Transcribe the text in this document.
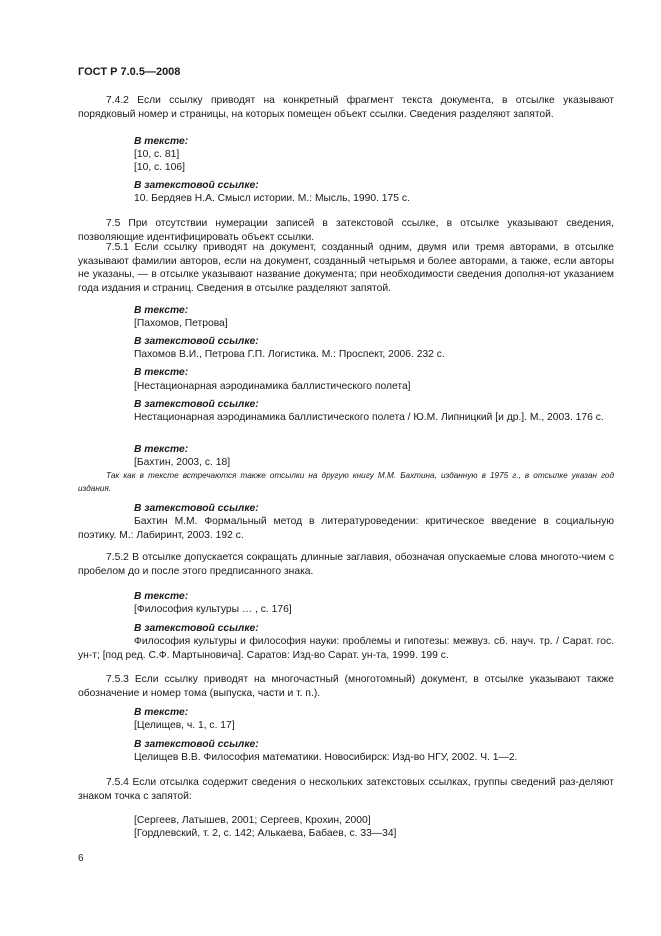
ГОСТ Р 7.0.5—2008

7.4.2 Если ссылку приводят на конкретный фрагмент текста документа, в отсылке указывают порядковый номер и страницы, на которых помещен объект ссылки. Сведения разделяют запятой.

В тексте:
[10, с. 81]
[10, с. 106]
В затекстовой ссылке:
10. Бердяев Н.А. Смысл истории. М.: Мысль, 1990. 175 с.

7.5 При отсутствии нумерации записей в затекстовой ссылке, в отсылке указывают сведения, позволяющие идентифицировать объект ссылки.

7.5.1 Если ссылку приводят на документ, созданный одним, двумя или тремя авторами, в отсылке указывают фамилии авторов, если на документ, созданный четырьмя и более авторами, а также, если авторы не указаны, — в отсылке указывают название документа; при необходимости сведения дополня-ют указанием года издания и страниц. Сведения в отсылке разделяют запятой.

В тексте:
[Пахомов, Петрова]
В затекстовой ссылке:
Пахомов В.И., Петрова Г.П. Логистика. М.: Проспект, 2006. 232 с.
В тексте:
[Нестационарная аэродинамика баллистического полета]
В затекстовой ссылке:

Нестационарная аэродинамика баллистического полета / Ю.М. Липницкий [и др.]. М., 2003. 176 с.

В тексте:
[Бахтин, 2003, с. 18]

Так как в тексте встречаются также отсылки на другую книгу М.М. Бахтина, изданную в 1975 г., в отсылке указан год издания.

В затекстовой ссылке:

Бахтин М.М. Формальный метод в литературоведении: критическое введение в социальную поэтику. М.: Лабиринт, 2003. 192 с.

7.5.2 В отсылке допускается сокращать длинные заглавия, обозначая опускаемые слова многото-чием с пробелом до и после этого предписанного знака.

В тексте:
[Философия культуры … , с. 176]
В затекстовой ссылке:

Философия культуры и философия науки: проблемы и гипотезы: межвуз. сб. науч. тр. / Сарат. гос. ун-т; [под ред. С.Ф. Мартыновича]. Саратов: Изд-во Сарат. ун-та, 1999. 199 с.

7.5.3 Если ссылку приводят на многочастный (многотомный) документ, в отсылке указывают также обозначение и номер тома (выпуска, части и т. п.).

В тексте:
[Целищев, ч. 1, с. 17]
В затекстовой ссылке:
Целищев В.В. Философия математики. Новосибирск: Изд-во НГУ, 2002. Ч. 1—2.

7.5.4 Если отсылка содержит сведения о нескольких затекстовых ссылках, группы сведений раз-деляют знаком точка с запятой:

[Сергеев, Латышев, 2001; Сергеев, Крохин, 2000]
[Гордлевский, т. 2, с. 142; Алькаева, Бабаев, с. 33—34]
6
